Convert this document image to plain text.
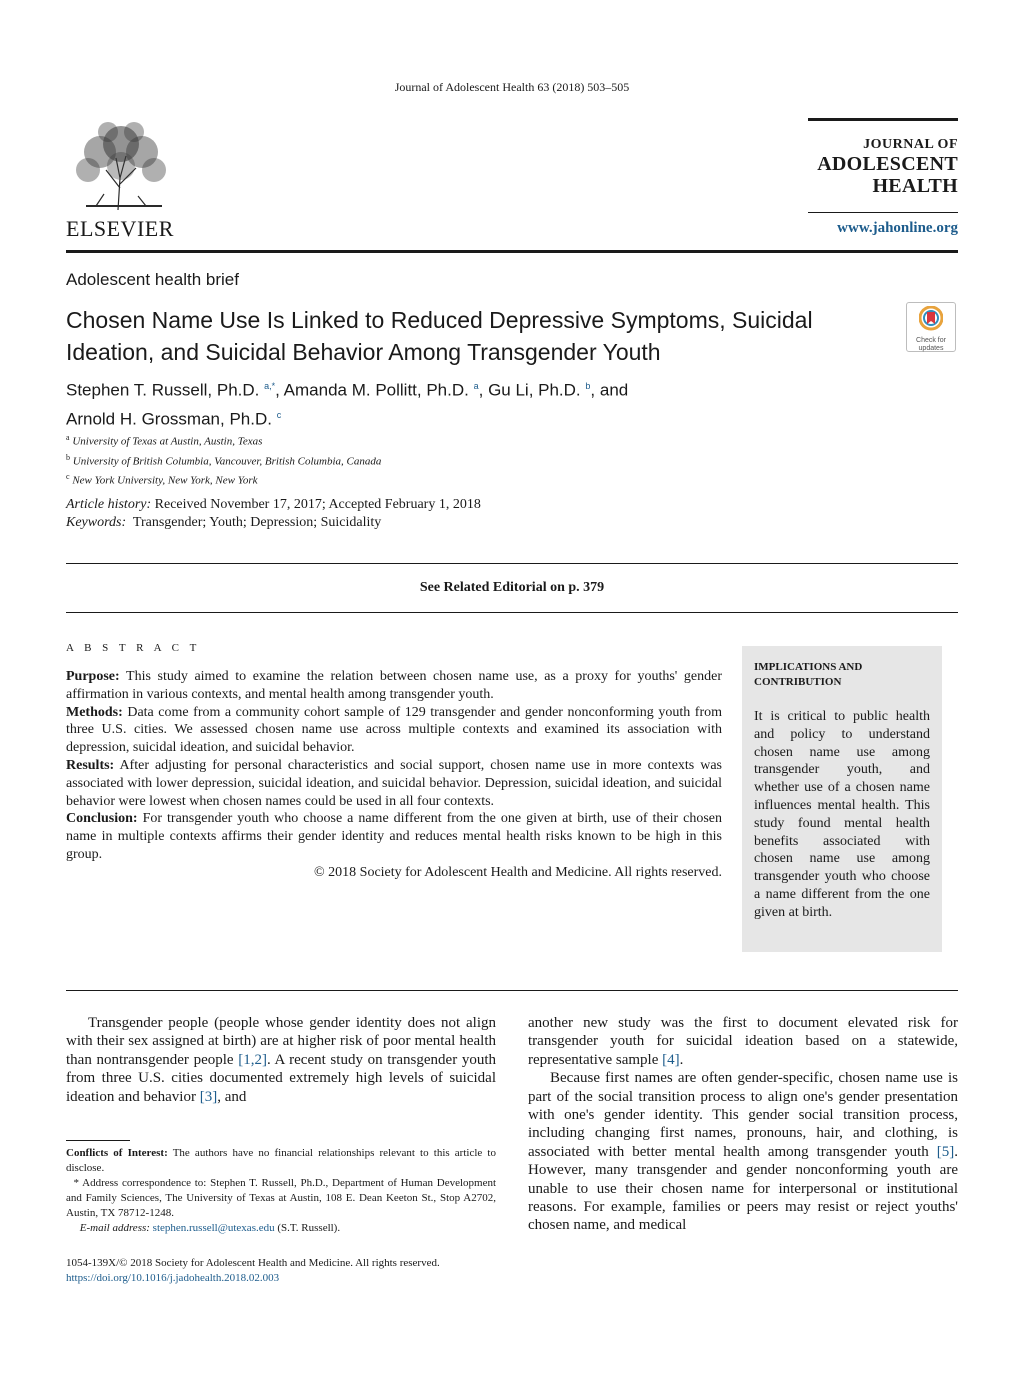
Journal of Adolescent Health 63 (2018) 503–505
ELSEVIER
JOURNAL OF
ADOLESCENT
HEALTH
www.jahonline.org
Adolescent health brief
Chosen Name Use Is Linked to Reduced Depressive Symptoms, Suicidal Ideation, and Suicidal Behavior Among Transgender Youth	Check for updates
Stephen T. Russell, Ph.D. $^{a,*}$, Amanda M. Pollitt, Ph.D. $^a$, Gu Li, Ph.D. $^b$, and
Arnold H. Grossman, Ph.D. $^c$
$^a$ University of Texas at Austin, Austin, Texas
$^b$ University of British Columbia, Vancouver, British Columbia, Canada
$^c$ New York University, New York, New York
Article history: Received November 17, 2017; Accepted February 1, 2018
Keywords: Transgender; Youth; Depression; Suicidality
See Related Editorial on p. 379
A B S T R A C T

Purpose: This study aimed to examine the relation between chosen name use, as a proxy for youths' gender affirmation in various contexts, and mental health among transgender youth.

Methods: Data come from a community cohort sample of 129 transgender and gender nonconforming youth from three U.S. cities. We assessed chosen name use across multiple contexts and examined its association with depression, suicidal ideation, and suicidal behavior.

Results: After adjusting for personal characteristics and social support, chosen name use in more contexts was associated with lower depression, suicidal ideation, and suicidal behavior. Depression, suicidal ideation, and suicidal behavior were lowest when chosen names could be used in all four contexts.

Conclusion: For transgender youth who choose a name different from the one given at birth, use of their chosen name in multiple contexts affirms their gender identity and reduces mental health risks known to be high in this group.

© 2018 Society for Adolescent Health and Medicine. All rights reserved.

IMPLICATIONS AND CONTRIBUTION
It is critical to public health and policy to understand chosen name use among transgender youth, and whether use of a chosen name influences mental health. This study found mental health benefits associated with chosen name use among transgender youth who choose a name different from the one given at birth.

Transgender people (people whose gender identity does not align with their sex assigned at birth) are at higher risk of poor mental health than nontransgender people [1,2]. A recent study on transgender youth from three U.S. cities documented extremely high levels of suicidal ideation and behavior [3], and

another new study was the first to document elevated risk for transgender youth for suicidal ideation based on a statewide, representative sample [4].

Because first names are often gender-specific, chosen name use is part of the social transition process to align one's gender presentation with one's gender identity. This gender social transition process, including changing first names, pronouns, hair, and clothing, is associated with better mental health among transgender youth [5]. However, many transgender and gender nonconforming youth are unable to use their chosen name for interpersonal or institutional reasons. For example, families or peers may resist or reject youths' chosen name, and medical

Conflicts of Interest: The authors have no financial relationships relevant to this article to disclose.

* Address correspondence to: Stephen T. Russell, Ph.D., Department of Human Development and Family Sciences, The University of Texas at Austin, 108 E. Dean Keeton St., Stop A2702, Austin, TX 78712-1248.

E-mail address: stephen.russell@utexas.edu (S.T. Russell).

1054-139X/© 2018 Society for Adolescent Health and Medicine. All rights reserved.
https://doi.org/10.1016/j.jadohealth.2018.02.003
